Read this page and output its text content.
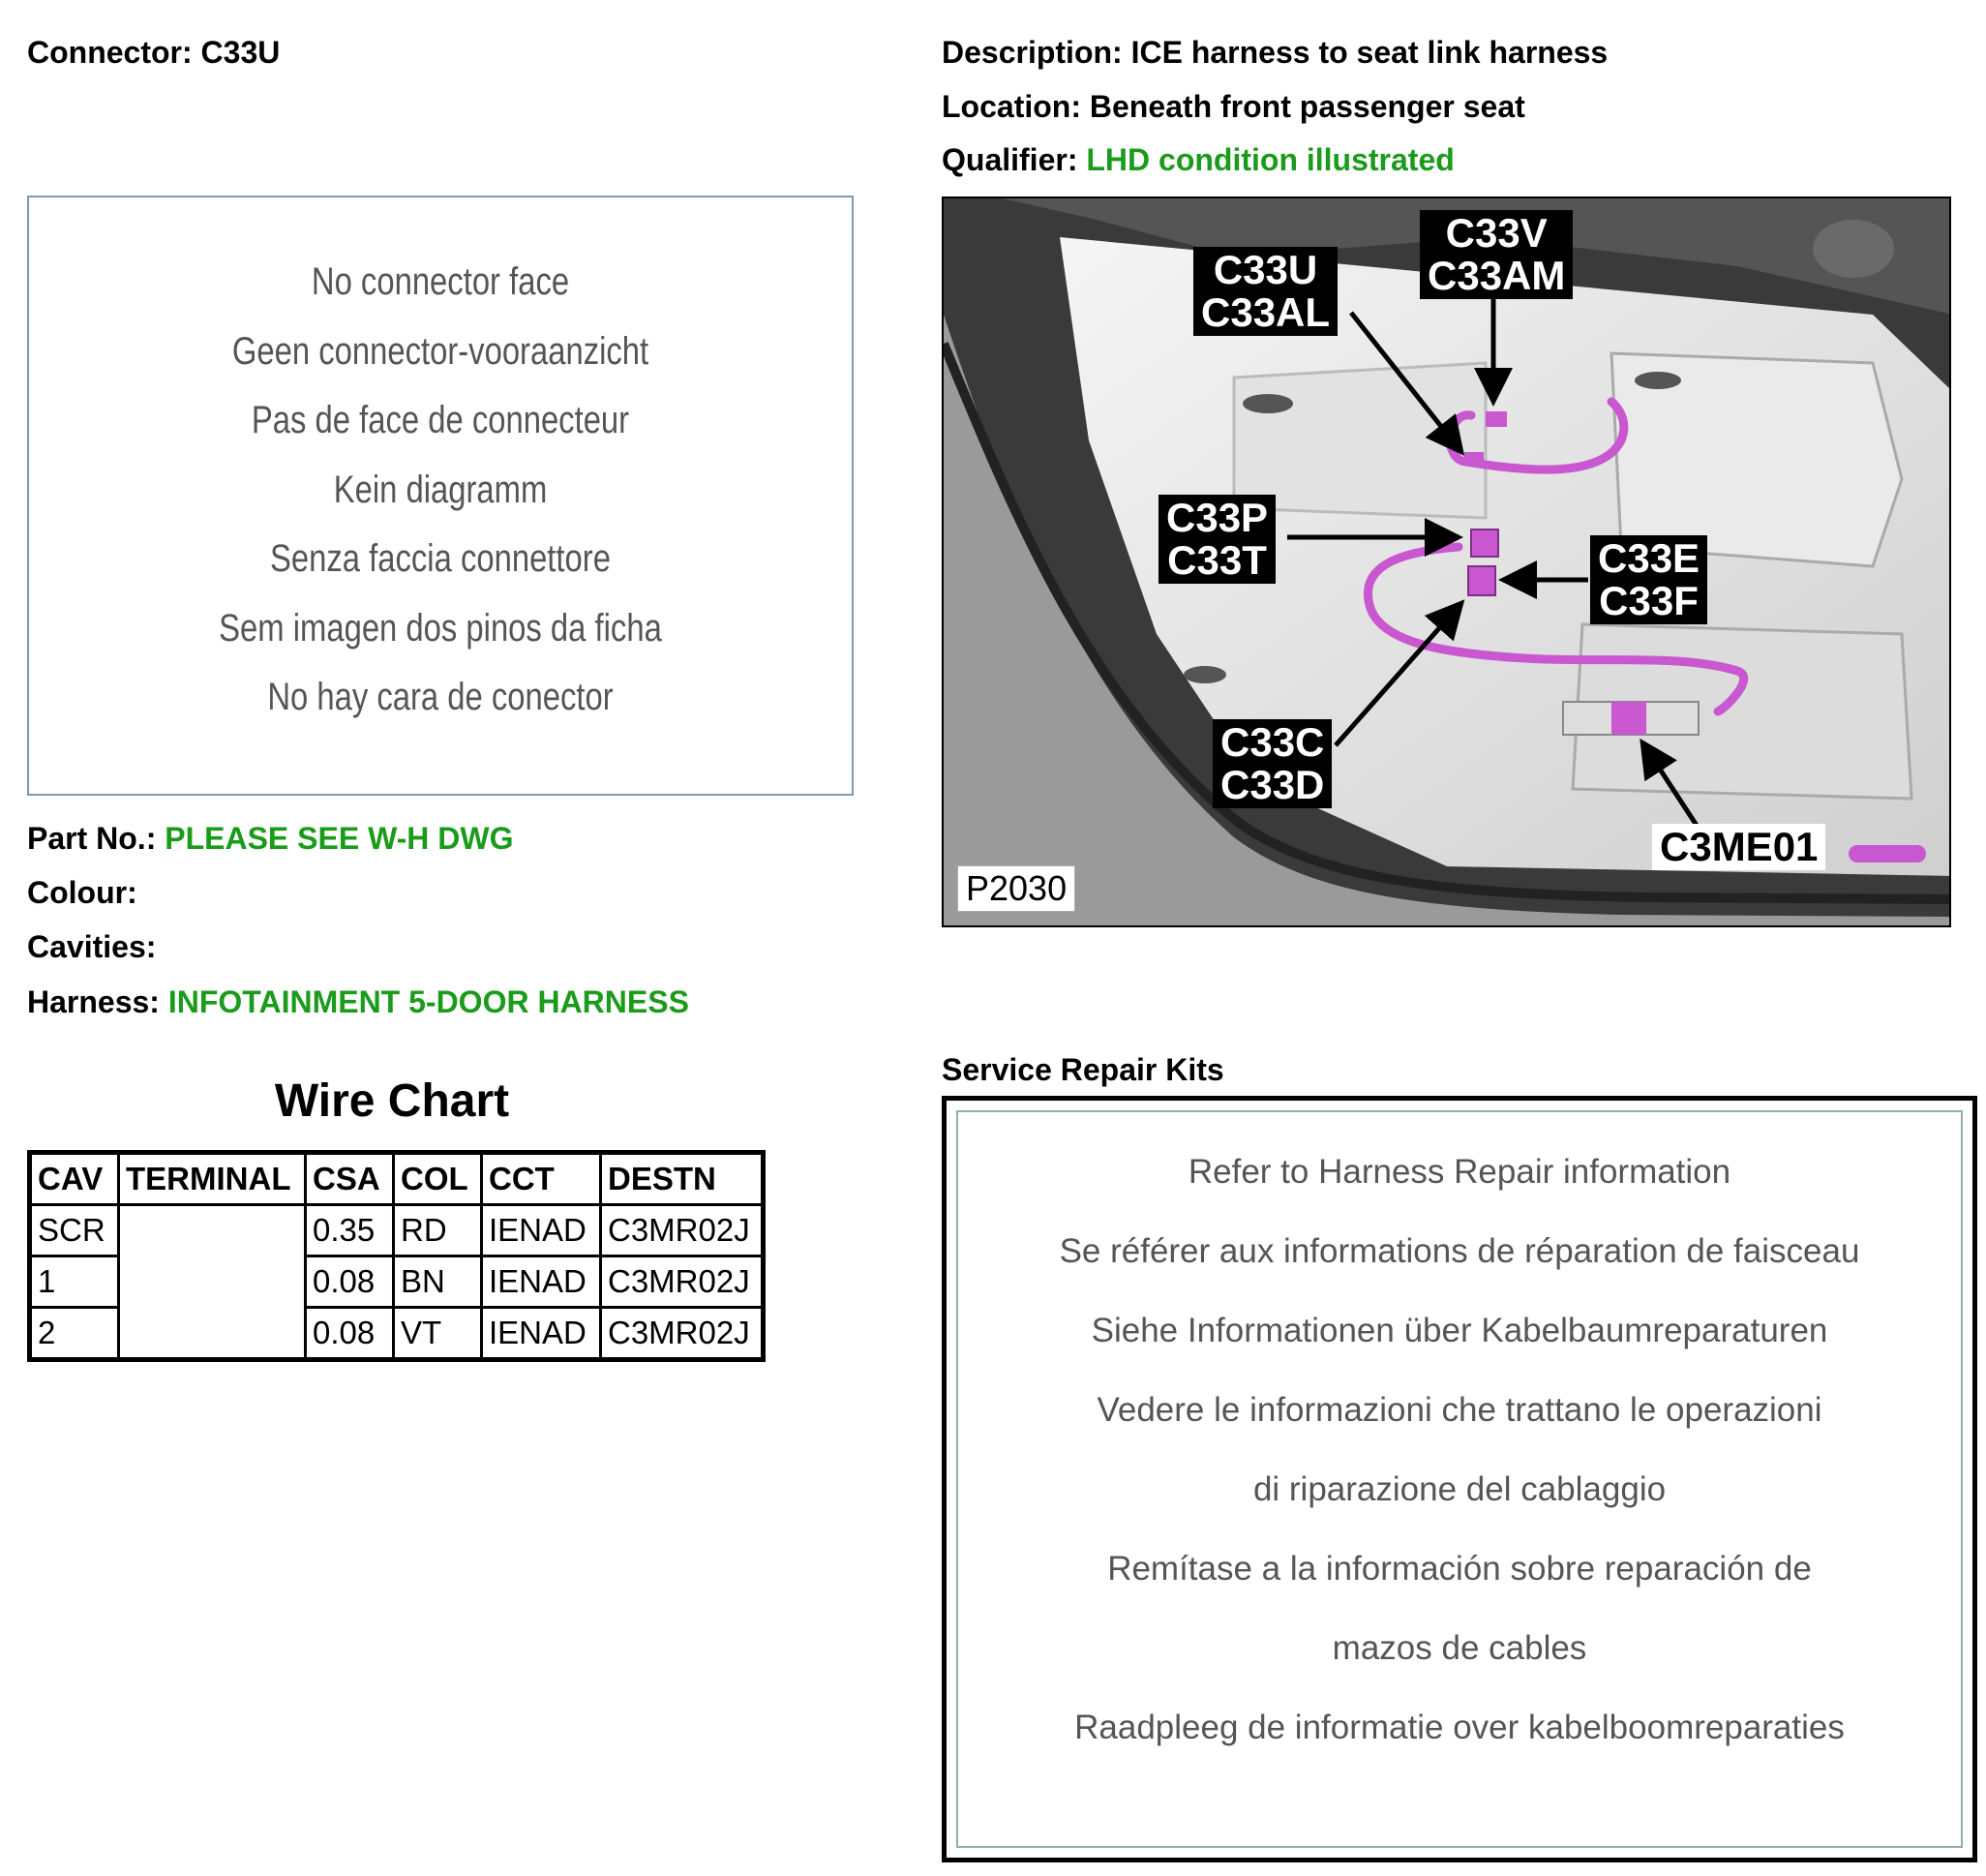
Connector: C33U	Description: ICE harness to seat link harness
Location: Beneath front passenger seat
Qualifier: LHD condition illustrated
No connector face
Geen connector-vooraanzicht
Pas de face de connecteur
Kein diagramm
Senza faccia connettore
Sem imagen dos pinos da ficha
No hay cara de conector
Part No.: PLEASE SEE W-H DWG
Colour:
Cavities:
Harness: INFOTAINMENT 5-DOOR HARNESS
Wire Chart
CAV	TERMINAL	CSA	COL	CCT	DESTN
SCR		0.35	RD	IENAD	C3MR02J
1		0.08	BN	IENAD	C3MR02J
2		0.08	VT	IENAD	C3MR02J
C33U
C33AL
C33V
C33AM
C33P
C33T	C33E
C33F
C33C
C33D
C3ME01
P2030
Service Repair Kits
Refer to Harness Repair information
Se référer aux informations de réparation de faisceau
Siehe Informationen über Kabelbaumreparaturen
Vedere le informazioni che trattano le operazioni
di riparazione del cablaggio
Remítase a la información sobre reparación de
mazos de cables
Raadpleeg de informatie over kabelboomreparaties
